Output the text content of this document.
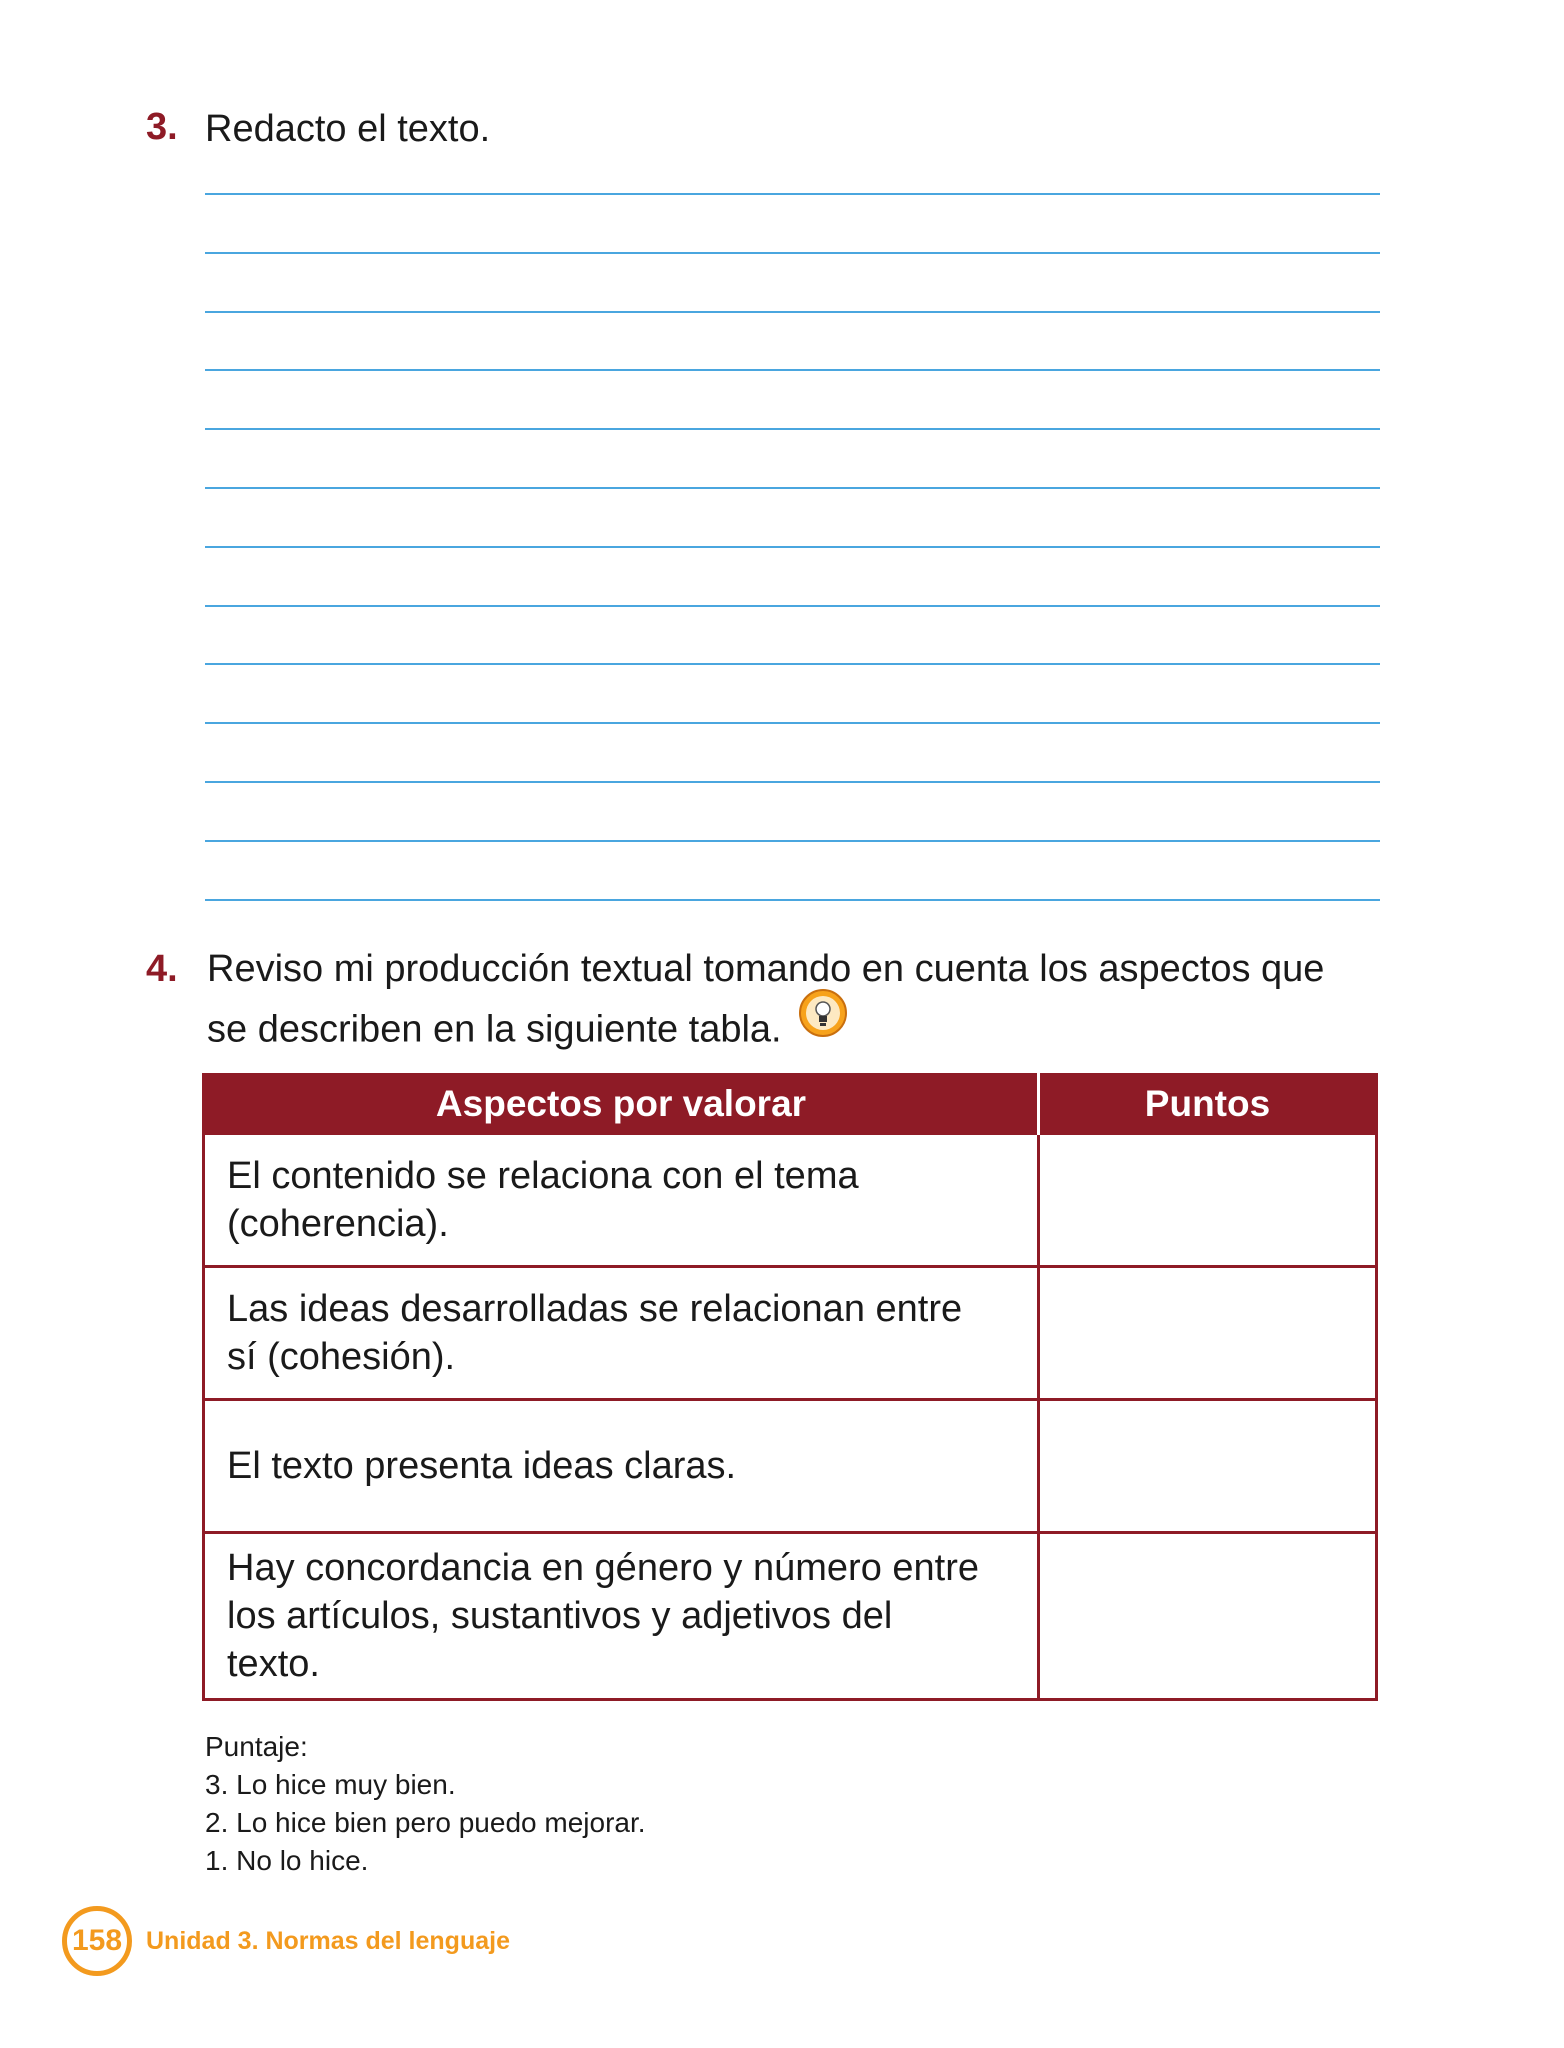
3. Redacto el texto.
4. Reviso mi producción textual tomando en cuenta los aspectos que
se describen en la siguiente tabla.
Aspectos por valorar	Puntos

El contenido se relaciona con el tema
(coherencia).	

Las ideas desarrolladas se relacionan entre
sí (cohesión).	

El texto presenta ideas claras.	

Hay concordancia en género y número entre
los artículos, sustantivos y adjetivos del
texto.	

Puntaje:
3. Lo hice muy bien.
2. Lo hice bien pero puedo mejorar.
1. No lo hice.
158 Unidad 3. Normas del lenguaje
